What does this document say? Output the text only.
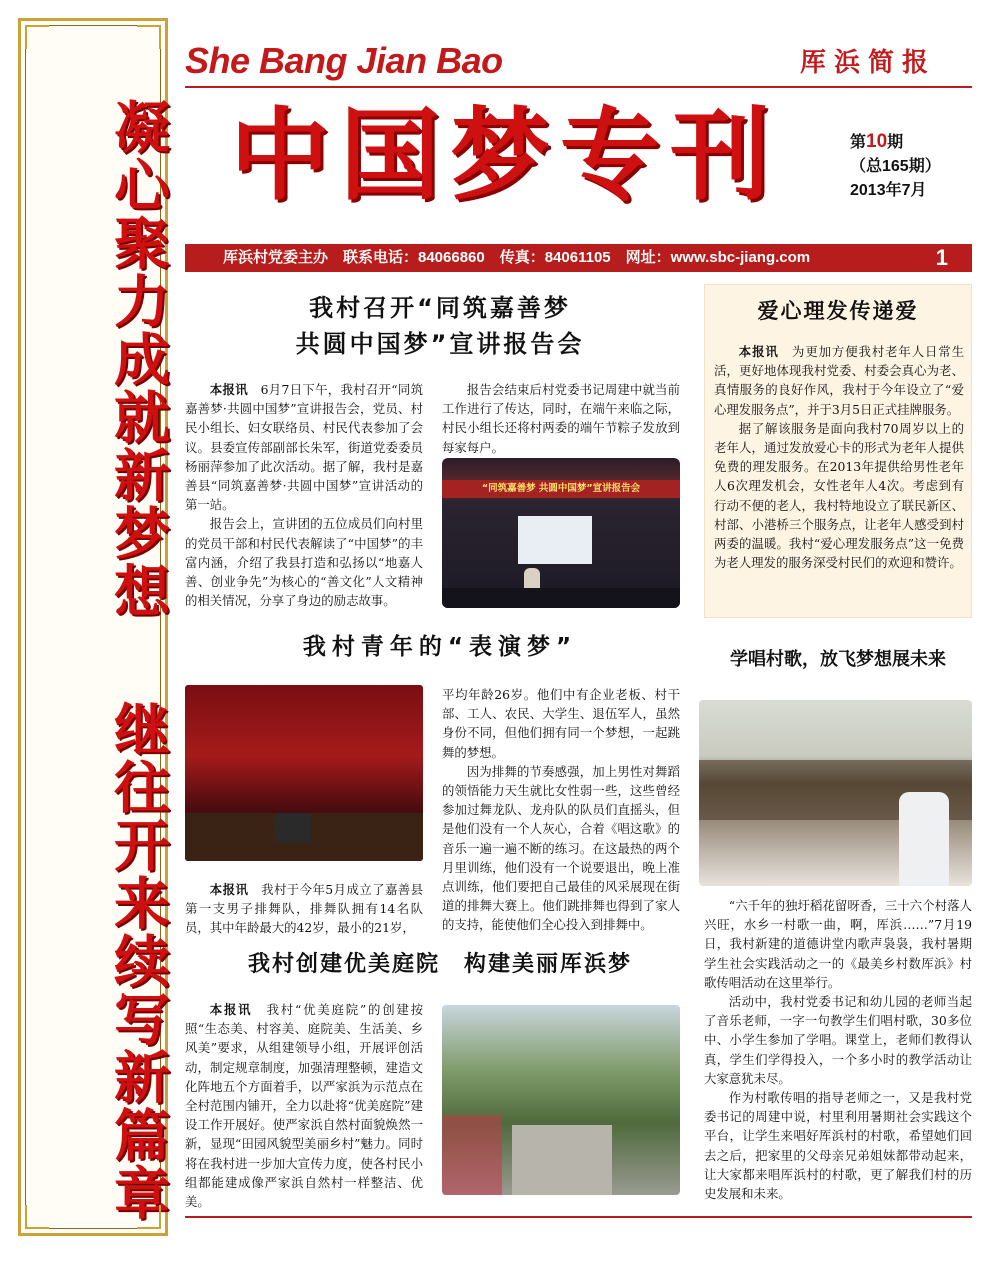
凝心聚力成就新梦想
继往开来续写新篇章
She Bang Jian Bao	厍浜简报
中国梦专刊	第10期
（总165期）
2013年7月
厍浜村党委主办　联系电话：84066860　传真：84061105　网址：www.sbc-jiang.com	1
我村召开“同筑嘉善梦
共圆中国梦”宣讲报告会

本报讯　 6月7日下午，我村召开“同筑嘉善梦·共圆中国梦”宣讲报告会，党员、村民小组长、妇女联络员、村民代表参加了会议。县委宣传部副部长朱军，街道党委委员杨丽萍参加了此次活动。据了解，我村是嘉善县“同筑嘉善梦·共圆中国梦”宣讲活动的第一站。

报告会上，宣讲团的五位成员们向村里的党员干部和村民代表解读了“中国梦”的丰富内涵，介绍了我县打造和弘扬以“地嘉人善、创业争先”为核心的“善文化”人文精神的相关情况，分享了身边的励志故事。

报告会结束后村党委书记周建中就当前工作进行了传达，同时，在端午来临之际，村民小组长还将村两委的端午节粽子发放到每家每户。

“同筑嘉善梦 共圆中国梦”宣讲报告会
我村青年的“表演梦”

本报讯　 我村于今年5月成立了嘉善县第一支男子排舞队，排舞队拥有14名队员，其中年龄最大的42岁，最小的21岁，

平均年龄26岁。他们中有企业老板、村干部、工人、农民、大学生、退伍军人，虽然身份不同，但他们拥有同一个梦想，一起跳舞的梦想。

因为排舞的节奏感强，加上男性对舞蹈的领悟能力天生就比女性弱一些，这些曾经参加过舞龙队、龙舟队的队员们直摇头，但是他们没有一个人灰心，合着《唱这歌》的音乐一遍一遍不断的练习。在这最热的两个月里训练，他们没有一个说要退出，晚上准点训练，他们要把自己最佳的风采展现在街道的排舞大赛上。他们跳排舞也得到了家人的支持，能使他们全心投入到排舞中。

我村创建优美庭院　构建美丽厍浜梦

本报讯　 我村“优美庭院”的创建按照“生态美、村容美、庭院美、生活美、乡风美”要求，从组建领导小组，开展评创活动，制定规章制度，加强清理整顿，建造文化阵地五个方面着手，以严家浜为示范点在全村范围内铺开，全力以赴将“优美庭院”建设工作开展好。使严家浜自然村面貌焕然一新，显现“田园风貌型美丽乡村”魅力。同时将在我村进一步加大宣传力度，使各村民小组都能建成像严家浜自然村一样整洁、优美。

爱心理发传递爱

本报讯　 为更加方便我村老年人日常生活，更好地体现我村党委、村委会真心为老、真情服务的良好作风，我村于今年设立了“爱心理发服务点”，并于3月5日正式挂牌服务。

据了解该服务是面向我村70周岁以上的老年人，通过发放爱心卡的形式为老年人提供免费的理发服务。在2013年提供给男性老年人6次理发机会，女性老年人4次。考虑到有行动不便的老人，我村特地设立了联民新区、村部、小港桥三个服务点，让老年人感受到村两委的温暖。我村“爱心理发服务点”这一免费为老人理发的服务深受村民们的欢迎和赞许。

学唱村歌，放飞梦想展未来

“六千年的独圩稻花留呀香，三十六个村落人兴旺，水乡一村歌一曲，啊，厍浜……”7月19日，我村新建的道德讲堂内歌声袅袅，我村暑期学生社会实践活动之一的《最美乡村数厍浜》村歌传唱活动在这里举行。

活动中，我村党委书记和幼儿园的老师当起了音乐老师，一字一句教学生们唱村歌，30多位中、小学生参加了学唱。课堂上，老师们教得认真，学生们学得投入，一个多小时的教学活动让大家意犹未尽。

作为村歌传唱的指导老师之一，又是我村党委书记的周建中说，村里利用暑期社会实践这个平台，让学生来唱好厍浜村的村歌，希望她们回去之后，把家里的父母亲兄弟姐妹都带动起来，让大家都来唱厍浜村的村歌，更了解我们村的历史发展和未来。
